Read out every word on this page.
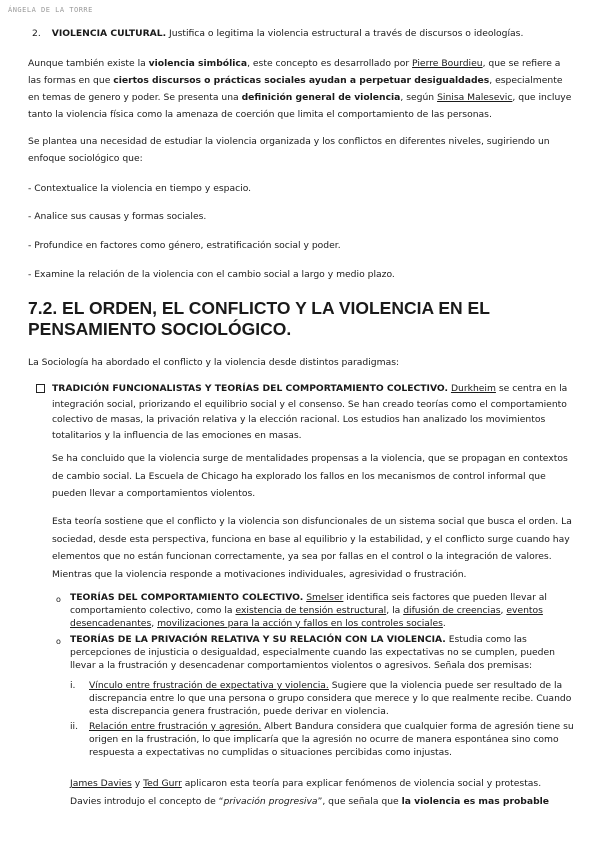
ÁNGELA DE LA TORRE

2. VIOLENCIA CULTURAL. Justifica o legitima la violencia estructural a través de discursos o ideologías.

Aunque también existe la violencia simbólica, este concepto es desarrollado por Pierre Bourdieu, que se refiere a las formas en que ciertos discursos o prácticas sociales ayudan a perpetuar desigualdades, especialmente en temas de genero y poder. Se presenta una definición general de violencia, según Sinisa Malesevic, que incluye tanto la violencia física como la amenaza de coerción que limita el comportamiento de las personas.

Se plantea una necesidad de estudiar la violencia organizada y los conflictos en diferentes niveles, sugiriendo un enfoque sociológico que:

- Contextualice la violencia en tiempo y espacio.

- Analice sus causas y formas sociales.

- Profundice en factores como género, estratificación social y poder.

- Examine la relación de la violencia con el cambio social a largo y medio plazo.

7.2. EL ORDEN, EL CONFLICTO Y LA VIOLENCIA EN EL PENSAMIENTO SOCIOLÓGICO.

La Sociología ha abordado el conflicto y la violencia desde distintos paradigmas:

TRADICIÓN FUNCIONALISTAS Y TEORÍAS DEL COMPORTAMIENTO COLECTIVO. Durkheim se centra en la integración social, priorizando el equilibrio social y el consenso. Se han creado teorías como el comportamiento colectivo de masas, la privación relativa y la elección racional. Los estudios han analizado los movimientos totalitarios y la influencia de las emociones en masas.

Se ha concluido que la violencia surge de mentalidades propensas a la violencia, que se propagan en contextos de cambio social. La Escuela de Chicago ha explorado los fallos en los mecanismos de control informal que pueden llevar a comportamientos violentos.

Esta teoría sostiene que el conflicto y la violencia son disfuncionales de un sistema social que busca el orden. La sociedad, desde esta perspectiva, funciona en base al equilibrio y la estabilidad, y el conflicto surge cuando hay elementos que no están funcionan correctamente, ya sea por fallas en el control o la integración de valores. Mientras que la violencia responde a motivaciones individuales, agresividad o frustración.

o TEORÍAS DEL COMPORTAMIENTO COLECTIVO. Smelser identifica seis factores que pueden llevar al comportamiento colectivo, como la existencia de tensión estructural, la difusión de creencias, eventos desencadenantes, movilizaciones para la acción y fallos en los controles sociales.

o TEORÍAS DE LA PRIVACIÓN RELATIVA Y SU RELACIÓN CON LA VIOLENCIA. Estudia como las percepciones de injusticia o desigualdad, especialmente cuando las expectativas no se cumplen, pueden llevar a la frustración y desencadenar comportamientos violentos o agresivos. Señala dos premisas:

i. Vínculo entre frustración de expectativa y violencia. Sugiere que la violencia puede ser resultado de la discrepancia entre lo que una persona o grupo considera que merece y lo que realmente recibe. Cuando esta discrepancia genera frustración, puede derivar en violencia.

ii. Relación entre frustración y agresión. Albert Bandura considera que cualquier forma de agresión tiene su origen en la frustración, lo que implicaría que la agresión no ocurre de manera espontánea sino como respuesta a expectativas no cumplidas o situaciones percibidas como injustas.

James Davies y Ted Gurr aplicaron esta teoría para explicar fenómenos de violencia social y protestas. Davies introdujo el concepto de “privación progresiva”, que señala que la violencia es mas probable
